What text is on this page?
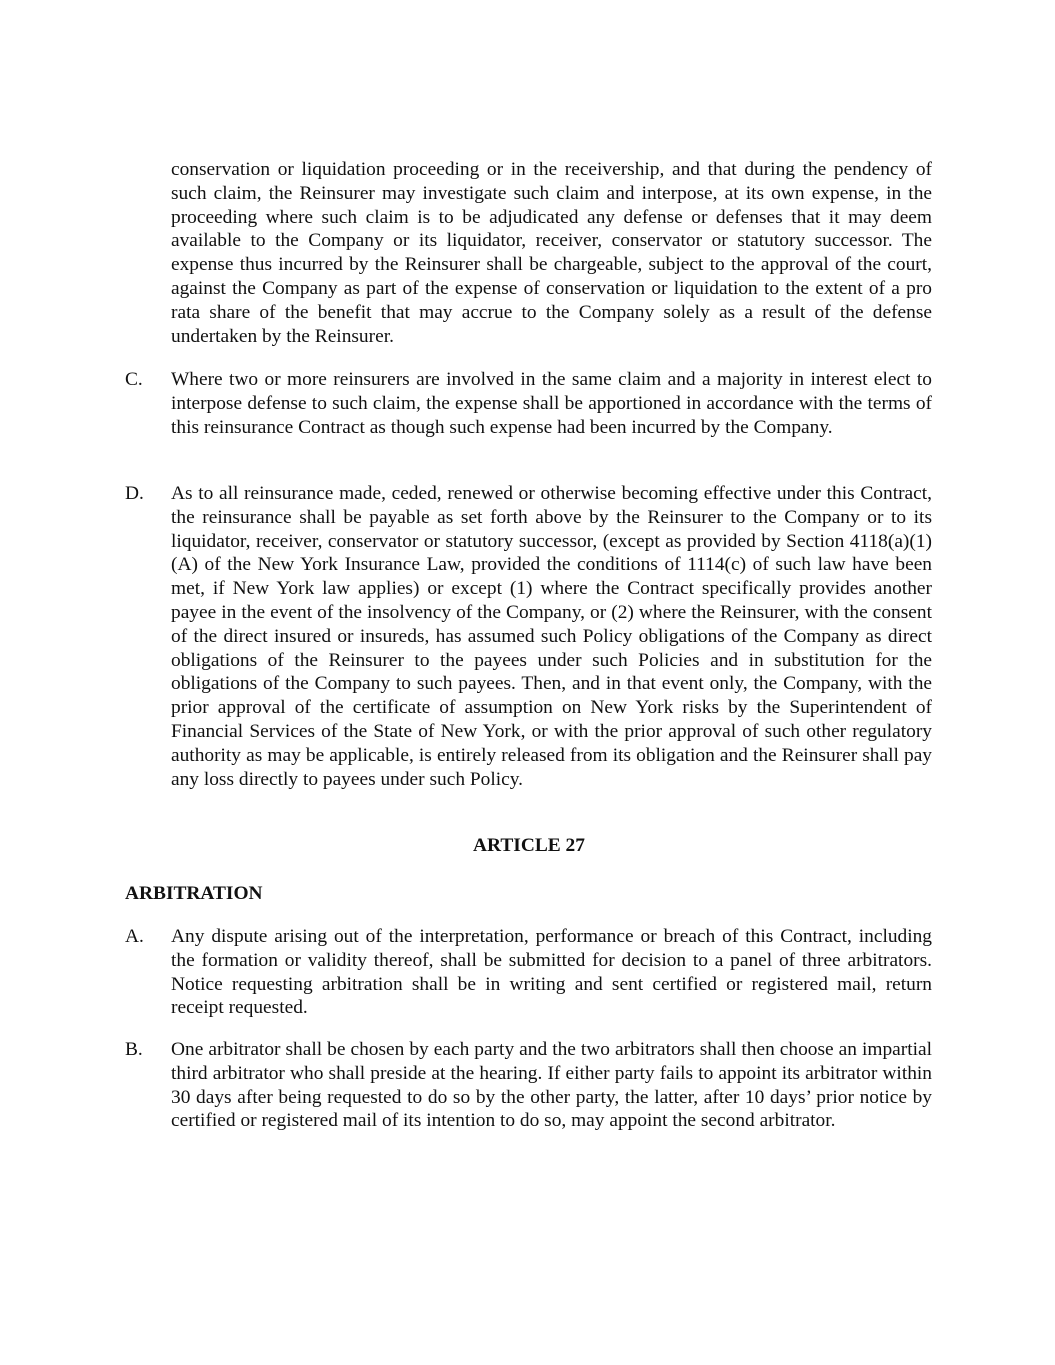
conservation or liquidation proceeding or in the receivership, and that during the pendency of such claim, the Reinsurer may investigate such claim and interpose, at its own expense, in the proceeding where such claim is to be adjudicated any defense or defenses that it may deem available to the Company or its liquidator, receiver, conservator or statutory successor. The expense thus incurred by the Reinsurer shall be chargeable, subject to the approval of the court, against the Company as part of the expense of conservation or liquidation to the extent of a pro rata share of the benefit that may accrue to the Company solely as a result of the defense undertaken by the Reinsurer.

C. Where two or more reinsurers are involved in the same claim and a majority in interest elect to interpose defense to such claim, the expense shall be apportioned in accordance with the terms of this reinsurance Contract as though such expense had been incurred by the Company.

D. As to all reinsurance made, ceded, renewed or otherwise becoming effective under this Contract, the reinsurance shall be payable as set forth above by the Reinsurer to the Company or to its liquidator, receiver, conservator or statutory successor, (except as provided by Section 4118(a)(1)(A) of the New York Insurance Law, provided the conditions of 1114(c) of such law have been met, if New York law applies) or except (1) where the Contract specifically provides another payee in the event of the insolvency of the Company, or (2) where the Reinsurer, with the consent of the direct insured or insureds, has assumed such Policy obligations of the Company as direct obligations of the Reinsurer to the payees under such Policies and in substitution for the obligations of the Company to such payees. Then, and in that event only, the Company, with the prior approval of the certificate of assumption on New York risks by the Superintendent of Financial Services of the State of New York, or with the prior approval of such other regulatory authority as may be applicable, is entirely released from its obligation and the Reinsurer shall pay any loss directly to payees under such Policy.

ARTICLE 27
ARBITRATION
A. Any dispute arising out of the interpretation, performance or breach of this Contract, including the formation or validity thereof, shall be submitted for decision to a panel of three arbitrators. Notice requesting arbitration shall be in writing and sent certified or registered mail, return receipt requested.

B. One arbitrator shall be chosen by each party and the two arbitrators shall then choose an impartial third arbitrator who shall preside at the hearing. If either party fails to appoint its arbitrator within 30 days after being requested to do so by the other party, the latter, after 10 days’ prior notice by certified or registered mail of its intention to do so, may appoint the second arbitrator.
